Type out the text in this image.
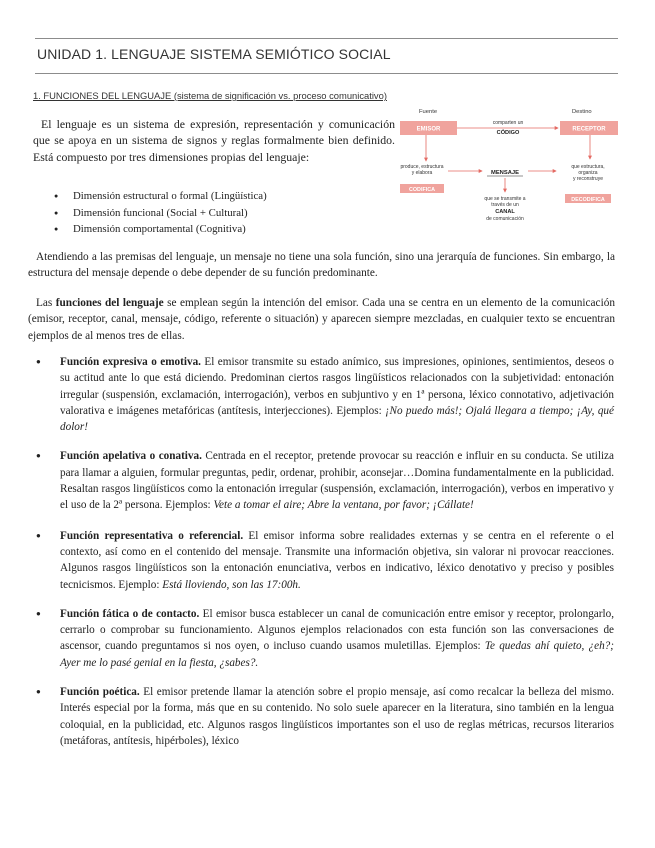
UNIDAD 1. LENGUAJE SISTEMA SEMIÓTICO SOCIAL
1. FUNCIONES DEL LENGUAJE (sistema de significación vs. proceso comunicativo)

El lenguaje es un sistema de expresión, representación y comunicación que se apoya en un sistema de signos y reglas formalmente bien definido. Está compuesto por tres dimensiones propias del lenguaje:

● Dimensión estructural o formal (Lingüística)
● Dimensión funcional (Social + Cultural)
● Dimensión comportamental (Cognitiva)
Fuente	Destino
EMISOR	RECEPTOR
comparten un
CÓDIGO
produce, estructura
y elabora
CODIFICA
MENSAJE
que estructura,
organiza
y reconstruye
DECODIFICA
que se transmite a
través de un
CANAL
de comunicación

Atendiendo a las premisas del lenguaje, un mensaje no tiene una sola función, sino una jerarquía de funciones. Sin embargo, la estructura del mensaje depende o debe depender de su función predominante.

Las funciones del lenguaje se emplean según la intención del emisor. Cada una se centra en un elemento de la comunicación (emisor, receptor, canal, mensaje, código, referente o situación) y aparecen siempre mezcladas, en cualquier texto se encuentran ejemplos de al menos tres de ellas.

● Función expresiva o emotiva. El emisor transmite su estado anímico, sus impresiones, opiniones, sentimientos, deseos o su actitud ante lo que está diciendo. Predominan ciertos rasgos lingüísticos relacionados con la subjetividad: entonación irregular (suspensión, exclamación, interrogación), verbos en subjuntivo y en 1ª persona, léxico connotativo, adjetivación valorativa e imágenes metafóricas (antítesis, interjecciones). Ejemplos: ¡No puedo más!; Ojalá llegara a tiempo; ¡Ay, qué dolor!
● Función apelativa o conativa. Centrada en el receptor, pretende provocar su reacción e influir en su conducta. Se utiliza para llamar a alguien, formular preguntas, pedir, ordenar, prohibir, aconsejar…Domina fundamentalmente en la publicidad. Resaltan rasgos lingüísticos como la entonación irregular (suspensión, exclamación, interrogación), verbos en imperativo y el uso de la 2ª persona. Ejemplos: Vete a tomar el aire; Abre la ventana, por favor; ¡Cállate!
● Función representativa o referencial. El emisor informa sobre realidades externas y se centra en el referente o el contexto, así como en el contenido del mensaje. Transmite una información objetiva, sin valorar ni provocar reacciones. Algunos rasgos lingüísticos son la entonación enunciativa, verbos en indicativo, léxico denotativo y preciso y posibles tecnicismos. Ejemplo: Está lloviendo, son las 17:00h.
● Función fática o de contacto. El emisor busca establecer un canal de comunicación entre emisor y receptor, prolongarlo, cerrarlo o comprobar su funcionamiento. Algunos ejemplos relacionados con esta función son las conversaciones de ascensor, cuando preguntamos si nos oyen, o incluso cuando usamos muletillas. Ejemplos: Te quedas ahí quieto, ¿eh?; Ayer me lo pasé genial en la fiesta, ¿sabes?.
● Función poética. El emisor pretende llamar la atención sobre el propio mensaje, así como recalcar la belleza del mismo. Interés especial por la forma, más que en su contenido. No solo suele aparecer en la literatura, sino también en la lengua coloquial, en la publicidad, etc. Algunos rasgos lingüísticos importantes son el uso de reglas métricas, recursos literarios (metáforas, antítesis, hipérboles), léxico
